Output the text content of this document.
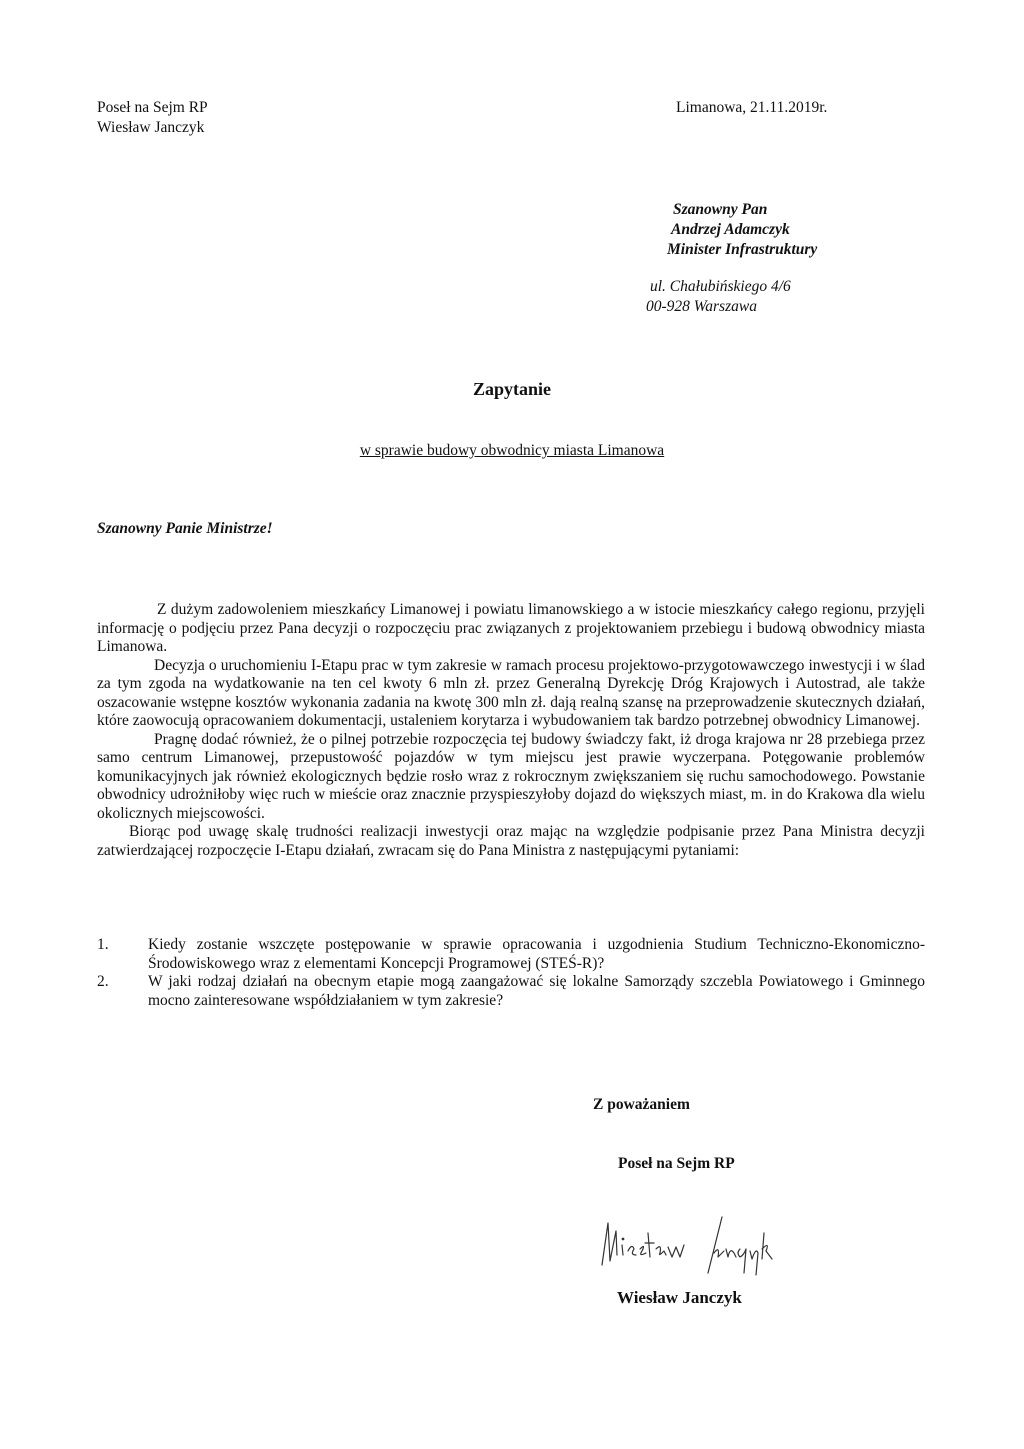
Poseł na Sejm RP
Wiesław Janczyk
Limanowa, 21.11.2019r.
Szanowny Pan
Andrzej Adamczyk
Minister Infrastruktury
ul. Chałubińskiego 4/6
00-928 Warszawa
Zapytanie
w sprawie budowy obwodnicy miasta Limanowa
Szanowny Panie Ministrze!

Z dużym zadowoleniem mieszkańcy Limanowej i powiatu limanowskiego a w istocie mieszkańcy całego regionu, przyjęli informację o podjęciu przez Pana decyzji o rozpoczęciu prac związanych z projektowaniem przebiegu i budową obwodnicy miasta Limanowa.

Decyzja o uruchomieniu I-Etapu prac w tym zakresie w ramach procesu projektowo-przygotowawczego inwestycji i w ślad za tym zgoda na wydatkowanie na ten cel kwoty 6 mln zł. przez Generalną Dyrekcję Dróg Krajowych i Autostrad, ale także oszacowanie wstępne kosztów wykonania zadania na kwotę 300 mln zł. dają realną szansę na przeprowadzenie skutecznych działań, które zaowocują opracowaniem dokumentacji, ustaleniem korytarza i wybudowaniem tak bardzo potrzebnej obwodnicy Limanowej.

Pragnę dodać również, że o pilnej potrzebie rozpoczęcia tej budowy świadczy fakt, iż droga krajowa nr 28 przebiega przez samo centrum Limanowej, przepustowość pojazdów w tym miejscu jest prawie wyczerpana. Potęgowanie problemów komunikacyjnych jak również ekologicznych będzie rosło wraz z rokrocznym zwiększaniem się ruchu samochodowego. Powstanie obwodnicy udrożniłoby więc ruch w mieście oraz znacznie przyspieszyłoby dojazd do większych miast, m. in do Krakowa dla wielu okolicznych miejscowości.

Biorąc pod uwagę skalę trudności realizacji inwestycji oraz mając na względzie podpisanie przez Pana Ministra decyzji zatwierdzającej rozpoczęcie I-Etapu działań, zwracam się do Pana Ministra z następującymi pytaniami:

1.	Kiedy zostanie wszczęte postępowanie w sprawie opracowania i uzgodnienia Studium Techniczno-Ekonomiczno-Środowiskowego wraz z elementami Koncepcji Programowej (STEŚ-R)?
2.	W jaki rodzaj działań na obecnym etapie mogą zaangażować się lokalne Samorządy szczebla Powiatowego i Gminnego mocno zainteresowane współdziałaniem w tym zakresie?
Z poważaniem
Poseł na Sejm RP
Wiesław Janczyk
